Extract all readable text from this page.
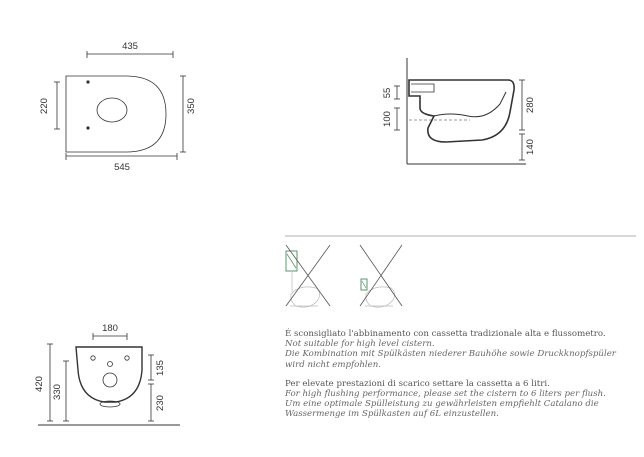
435
545
220	350
55
100
280
140
180
420
330
135
230

É sconsigliato l'abbinamento con cassetta tradizionale alta e flussometro.

Not suitable for high level cistern.

Die Kombination mit Spülkästen niederer Bauhöhe sowie Druckknopfspüler wird nicht empfohlen.

Per elevate prestazioni di scarico settare la cassetta a 6 litri.

For high flushing performance, please set the cistern to 6 liters per flush.

Um eine optimale Spülleistung zu gewährleisten empfiehlt Catalano die Wassermenge im Spülkasten auf 6L einzustellen.
